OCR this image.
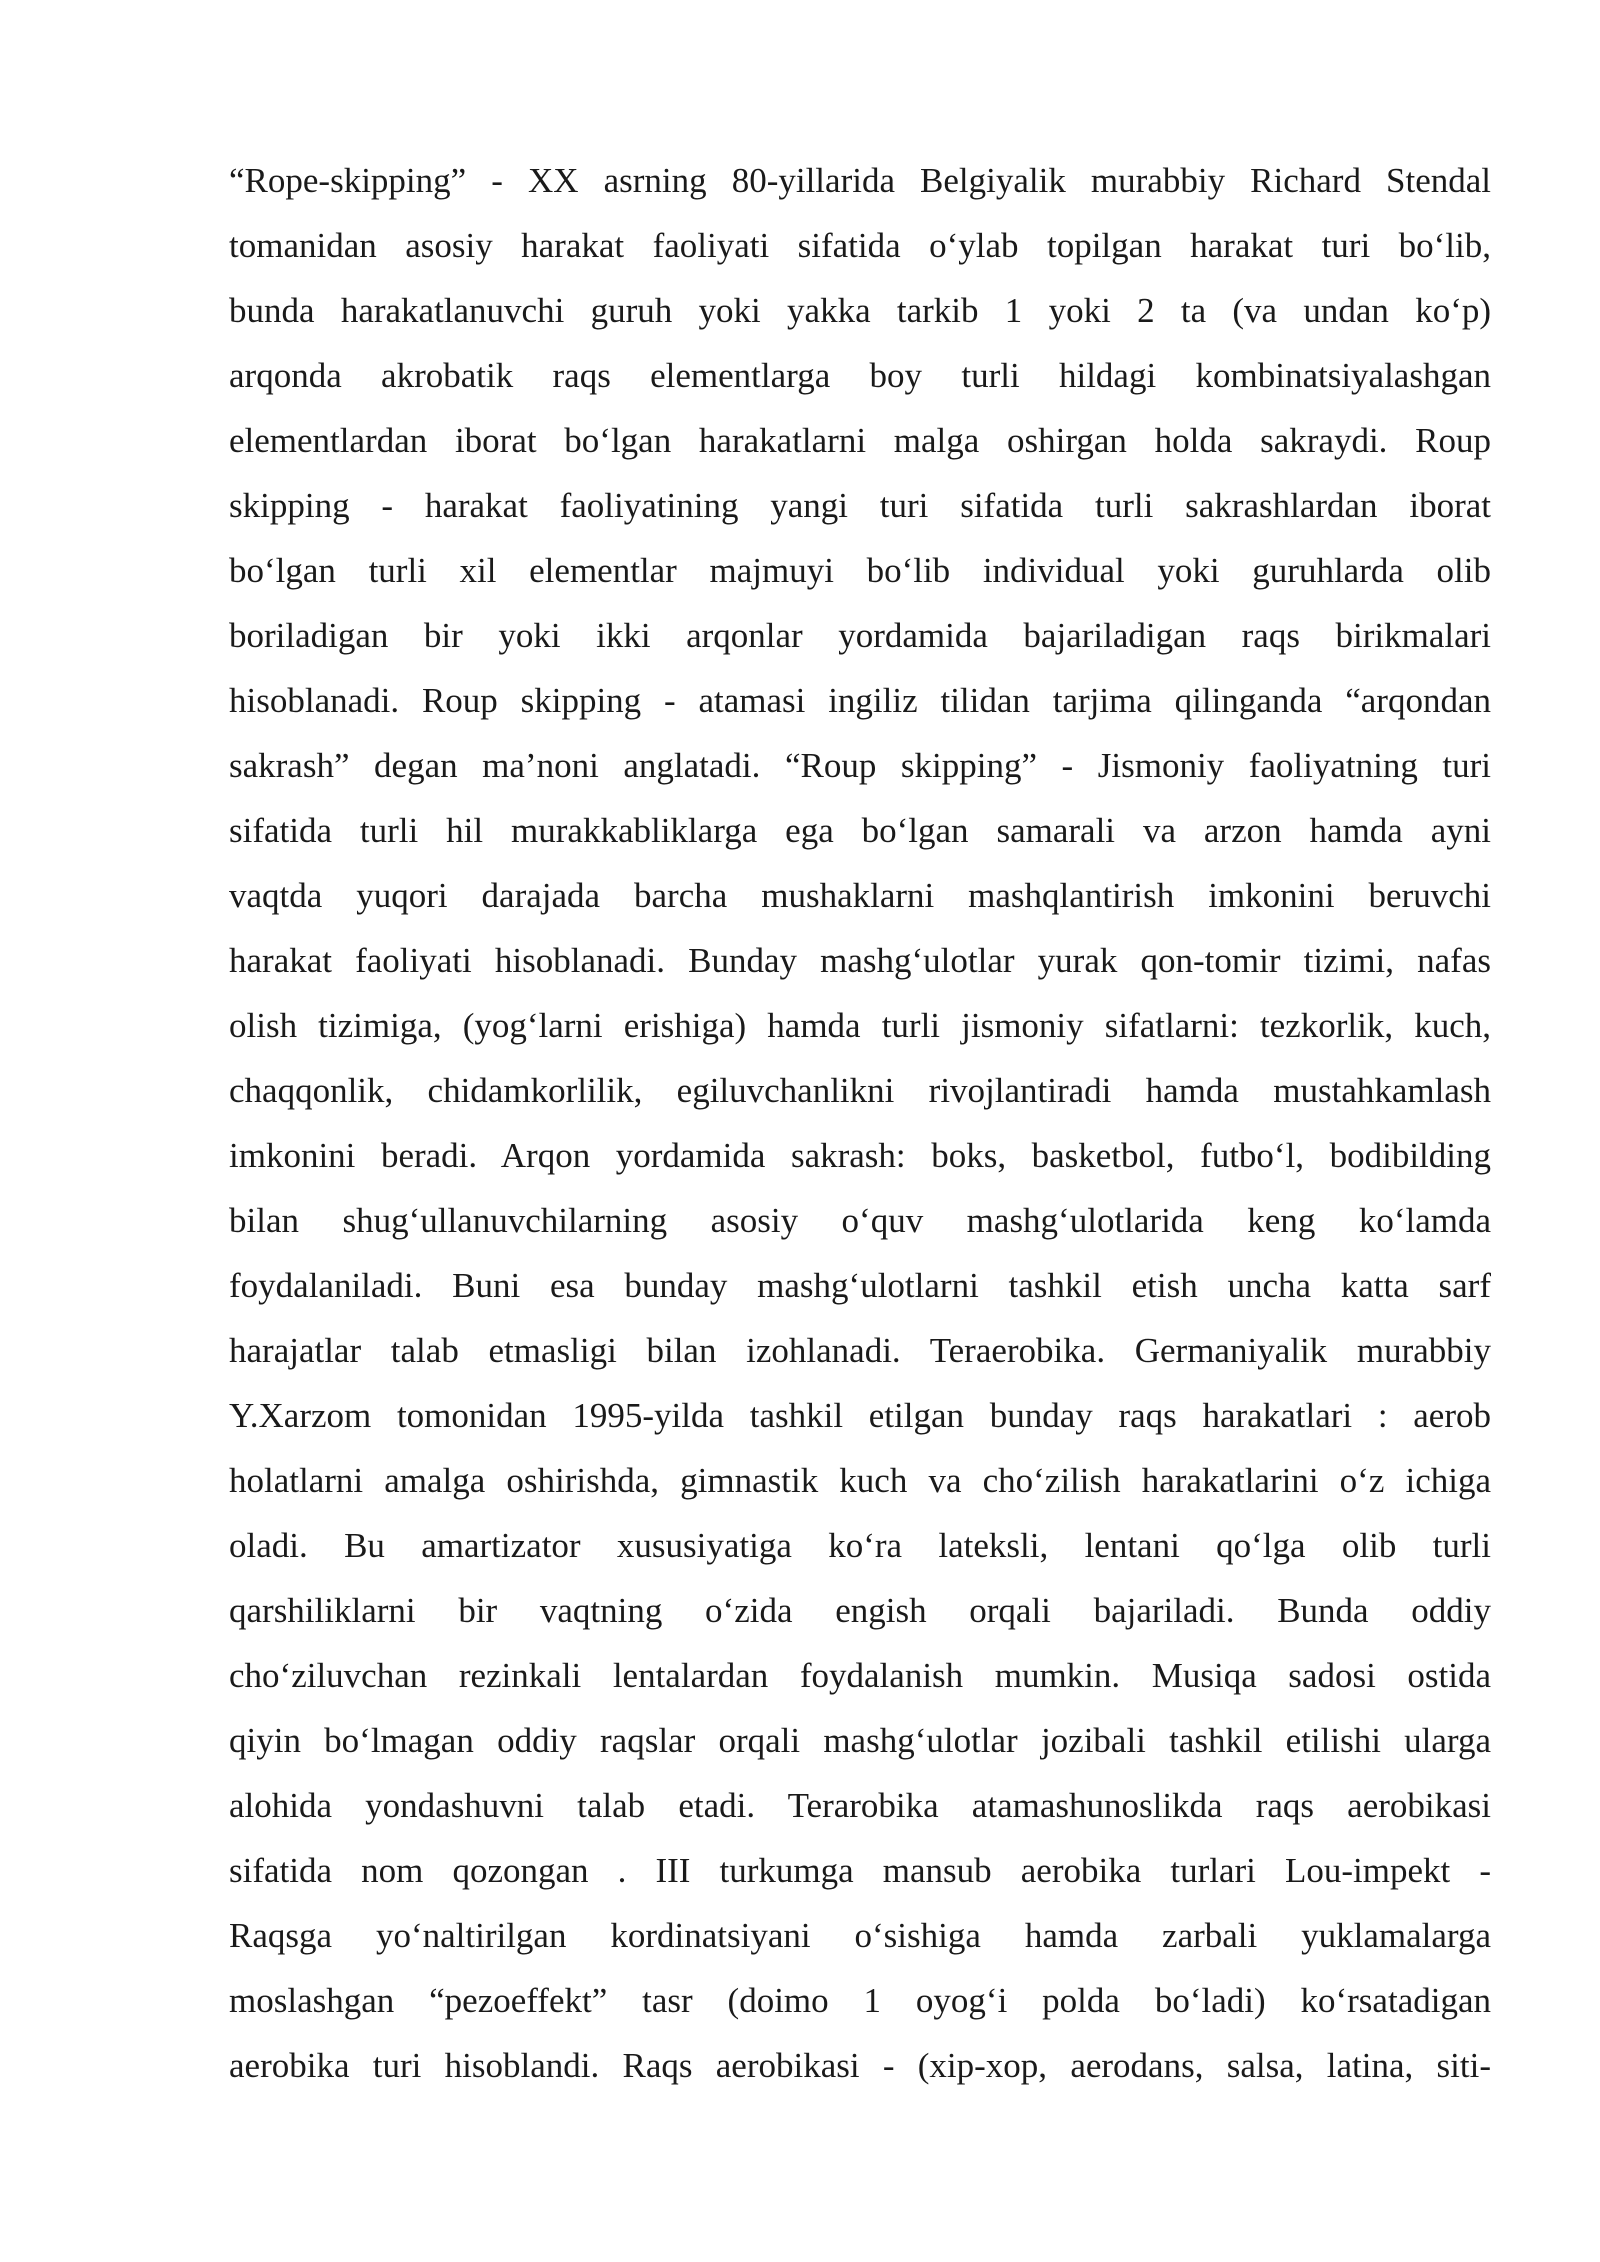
“Rope-skipping” - XX asrning 80-yillarida Belgiyalik murabbiy Richard Stendal
tomanidan asosiy harakat faoliyati sifatida o‘ylab topilgan harakat turi bo‘lib,
bunda harakatlanuvchi guruh yoki yakka tarkib 1 yoki 2 ta (va undan ko‘p)
arqonda akrobatik raqs elementlarga boy turli hildagi kombinatsiyalashgan
elementlardan iborat bo‘lgan harakatlarni malga oshirgan holda sakraydi. Roup
skipping - harakat faoliyatining yangi turi sifatida turli sakrashlardan iborat
bo‘lgan turli xil elementlar majmuyi bo‘lib individual yoki guruhlarda olib
boriladigan bir yoki ikki arqonlar yordamida bajariladigan raqs birikmalari
hisoblanadi. Roup skipping - atamasi ingiliz tilidan tarjima qilinganda “arqondan
sakrash” degan ma’noni anglatadi. “Roup skipping” - Jismoniy faoliyatning turi
sifatida turli hil murakkabliklarga ega bo‘lgan samarali va arzon hamda ayni
vaqtda yuqori darajada barcha mushaklarni mashqlantirish imkonini beruvchi
harakat faoliyati hisoblanadi. Bunday mashg‘ulotlar yurak qon-tomir tizimi, nafas
olish tizimiga, (yog‘larni erishiga) hamda turli jismoniy sifatlarni: tezkorlik, kuch,
chaqqonlik, chidamkorlilik, egiluvchanlikni rivojlantiradi hamda mustahkamlash
imkonini beradi. Arqon yordamida sakrash: boks, basketbol, futbo‘l, bodibilding
bilan shug‘ullanuvchilarning asosiy o‘quv mashg‘ulotlarida keng ko‘lamda
foydalaniladi. Buni esa bunday mashg‘ulotlarni tashkil etish uncha katta sarf
harajatlar talab etmasligi bilan izohlanadi. Teraerobika. Germaniyalik murabbiy
Y.Xarzom tomonidan 1995-yilda tashkil etilgan bunday raqs harakatlari : aerob
holatlarni amalga oshirishda, gimnastik kuch va cho‘zilish harakatlarini o‘z ichiga
oladi. Bu amartizator xususiyatiga ko‘ra lateksli, lentani qo‘lga olib turli
qarshiliklarni bir vaqtning o‘zida engish orqali bajariladi. Bunda oddiy
cho‘ziluvchan rezinkali lentalardan foydalanish mumkin. Musiqa sadosi ostida
qiyin bo‘lmagan oddiy raqslar orqali mashg‘ulotlar jozibali tashkil etilishi ularga
alohida yondashuvni talab etadi. Terarobika atamashunoslikda raqs aerobikasi
sifatida nom qozongan . III turkumga mansub aerobika turlari Lou-impekt -
Raqsga yo‘naltirilgan kordinatsiyani o‘sishiga hamda zarbali yuklamalarga
moslashgan “pezoeffekt” tasr (doimo 1 oyog‘i polda bo‘ladi) ko‘rsatadigan
aerobika turi hisoblandi. Raqs aerobikasi - (xip-xop, aerodans, salsa, latina, siti-
